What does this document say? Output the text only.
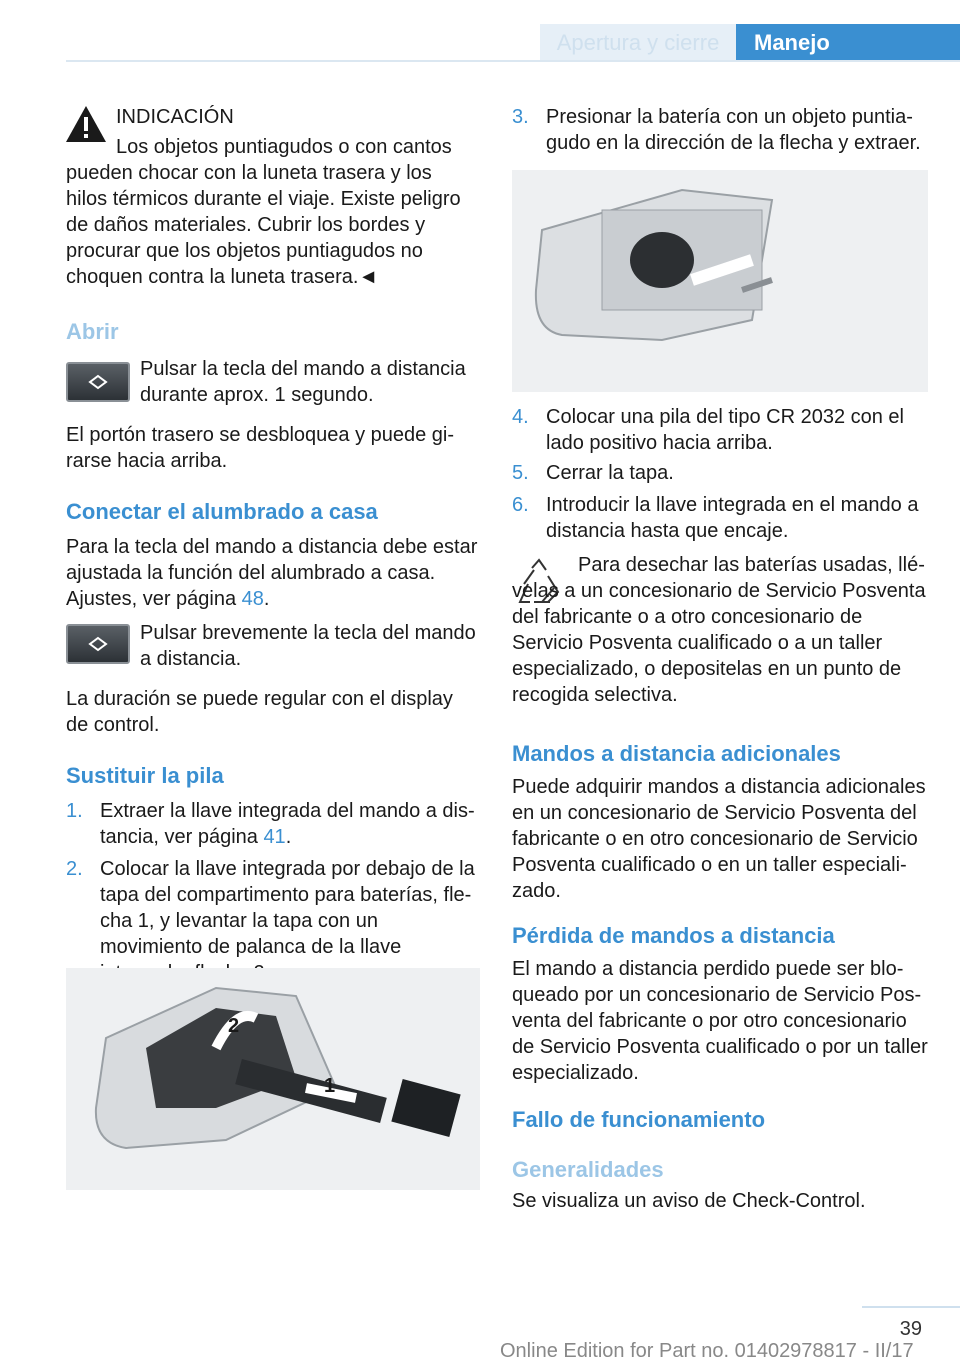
Apertura y cierre	Manejo
INDICACIÓN
Los objetos puntiagudos o con cantos
pueden chocar con la luneta trasera y los hilos térmicos durante el viaje. Existe peligro de daños materiales. Cubrir los bordes y procurar que los objetos puntiagudos no choquen contra la luneta trasera.◄
Abrir
Pulsar la tecla del mando a distancia durante aprox. 1 segundo.
El portón trasero se desbloquea y puede girarse hacia arriba.
Conectar el alumbrado a casa
Para la tecla del mando a distancia debe estar ajustada la función del alumbrado a casa. Ajustes, ver página 48.
Pulsar brevemente la tecla del mando a distancia.
La duración se puede regular con el display de control.
Sustituir la pila
1. Extraer la llave integrada del mando a distancia, ver página 41.
2. Colocar la llave integrada por debajo de la tapa del compartimento para baterías, flecha 1, y levantar la tapa con un movimiento de palanca de la llave
2
1
3. Presionar la batería con un objeto puntiagudo en la dirección de la flecha y extraer.
4. Colocar una pila del tipo CR 2032 con el lado positivo hacia arriba.
5. Cerrar la tapa.
6. Introducir la llave integrada en el mando a distancia hasta que encaje.
Para desechar las baterías usadas, llévelas a un concesionario de Servicio Posventa del fabricante o a otro concesionario de Servicio Posventa cualificado o a un taller especializado, o depositelas en un punto de recogida selectiva.
Mandos a distancia adicionales
Puede adquirir mandos a distancia adicionales en un concesionario de Servicio Posventa del fabricante o en otro concesionario de Servicio Posventa cualificado o en un taller especializado.
Pérdida de mandos a distancia
El mando a distancia perdido puede ser bloqueado por un concesionario de Servicio Posventa del fabricante o por otro concesionario de Servicio Posventa cualificado o por un taller especializado.
Fallo de funcionamiento
Generalidades
Se visualiza un aviso de Check-Control.
39
Online Edition for Part no. 01402978817 - II/17
